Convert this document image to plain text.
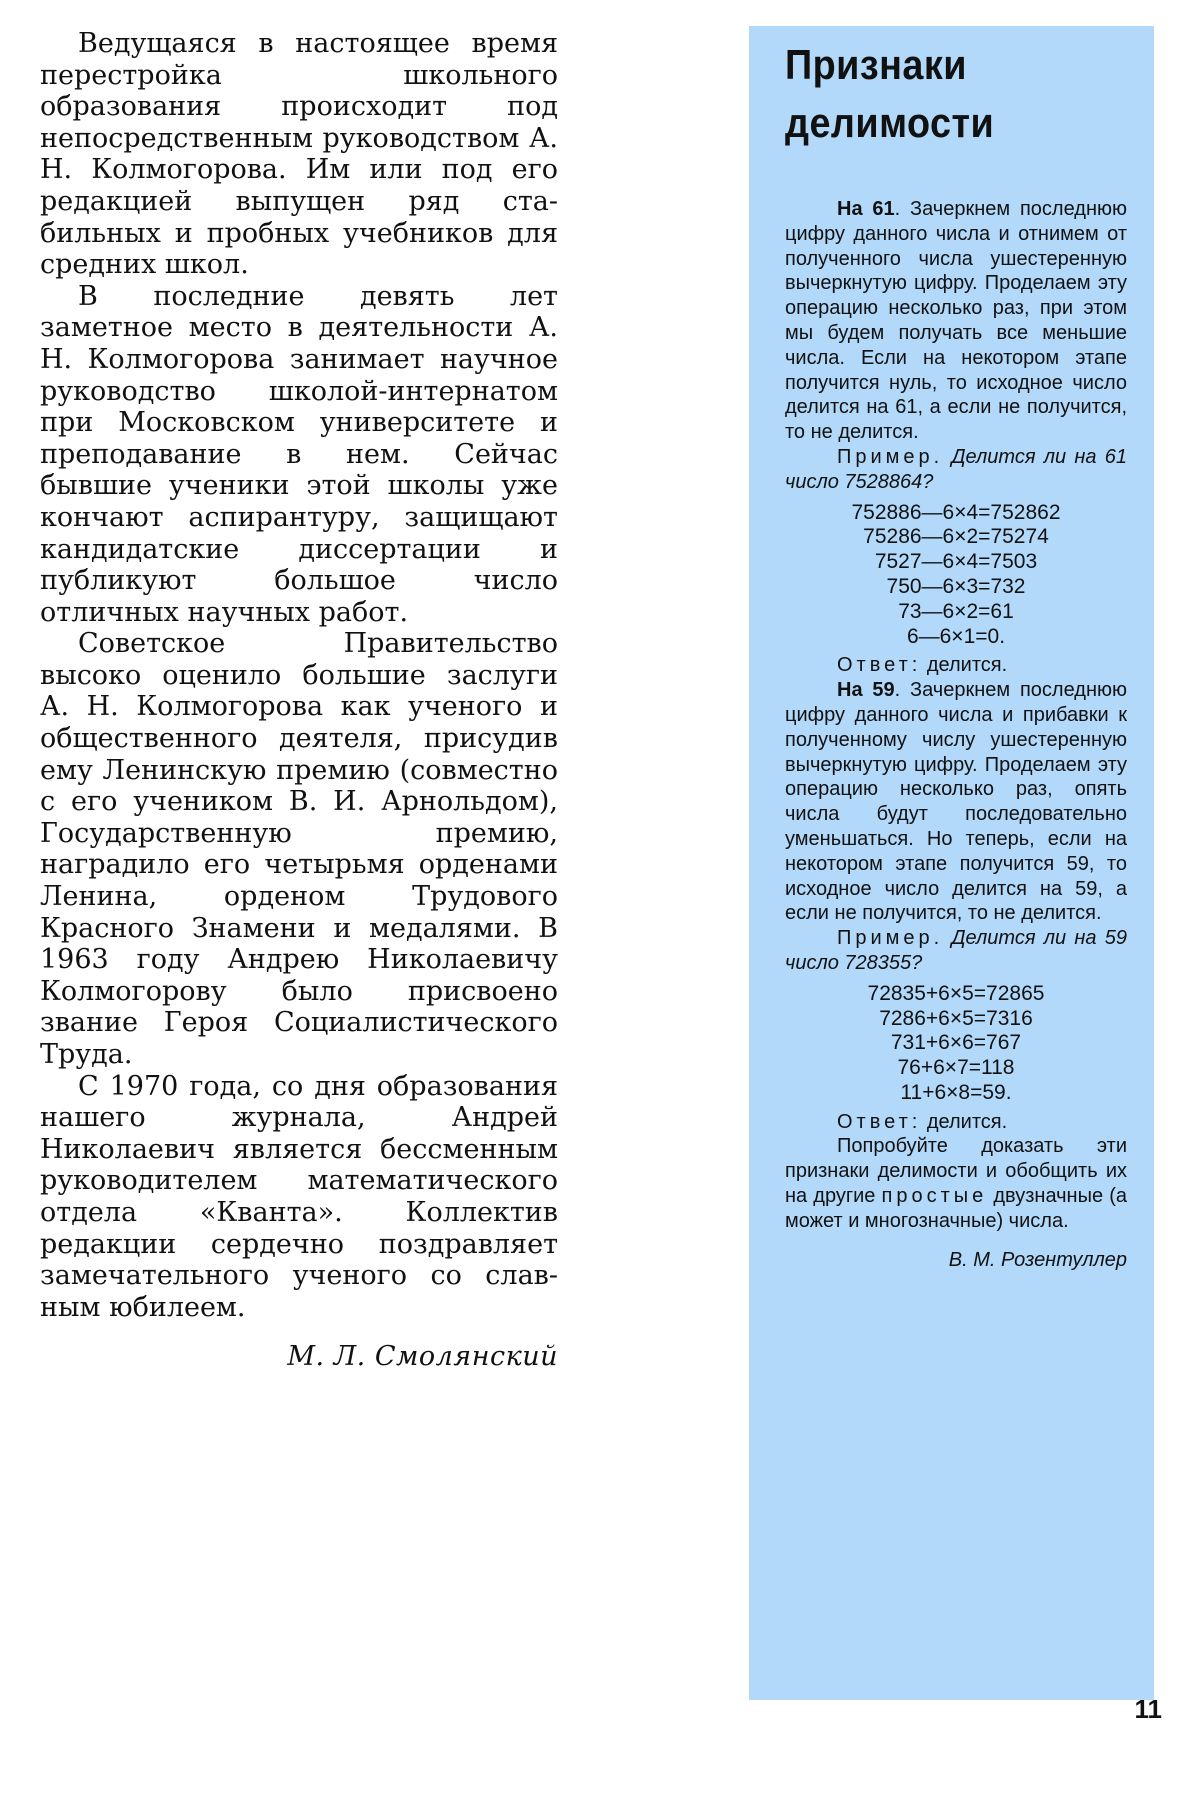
Ведущаяся в настоящее время перестройка школьного образования происходит под непосредственным руководством А. Н. Колмогорова. Им или под его редакцией выпущен ряд стабильных и пробных учебников для средних школ.

В последние девять лет заметное место в деятельности А. Н. Колмогорова занимает научное руководство школой-интернатом при Московском университете и преподавание в нем. Сейчас бывшие ученики этой школы уже кончают аспирантуру, защищают кандидатские диссертации и публикуют большое число отличных научных работ.

Советское Правительство высоко оценило большие заслуги А. Н. Колмогорова как ученого и общественного деятеля, присудив ему Ленинскую премию (совместно с его учеником В. И. Арнольдом), Государственную премию, наградило его четырьмя орденами Ленина, орденом Трудового Красного Знамени и медалями. В 1963 году Андрею Николаевичу Колмогорову было присвоено звание Героя Социалистического Труда.

С 1970 года, со дня образования нашего журнала, Андрей Николаевич является бессменным руководителем математического отдела «Кванта». Коллектив редакции сердечно поздравляет замечательного ученого со славным юбилеем.

М. Л. Смолянский

Признаки
делимости

На 61. Зачеркнем последнюю цифру данного числа и отнимем от полученного числа ушестеренную вычеркнутую цифру. Проделаем эту операцию несколько раз, при этом мы будем получать все меньшие числа. Если на некотором этапе получится нуль, то исходное число делится на 61, а если не получится, то не делится.

Пример. Делится ли на 61 число 7528864?

752886—6×4=752862
75286—6×2=75274
7527—6×4=7503
750—6×3=732
73—6×2=61
6—6×1=0.

Ответ: делится.

На 59. Зачеркнем последнюю цифру данного числа и прибавки к полученному числу ушестеренную вычеркнутую цифру. Проделаем эту операцию несколько раз, опять числа будут последовательно уменьшаться. Но теперь, если на некотором этапе получится 59, то исходное число делится на 59, а если не получится, то не делится.

Пример. Делится ли на 59 число 728355?

72835+6×5=72865
7286+6×5=7316
731+6×6=767
76+6×7=118
11+6×8=59.

Ответ: делится.

Попробуйте доказать эти признаки делимости и обобщить их на другие простые двузначные (а может и многозначные) числа.

В. М. Розентуллер

11
